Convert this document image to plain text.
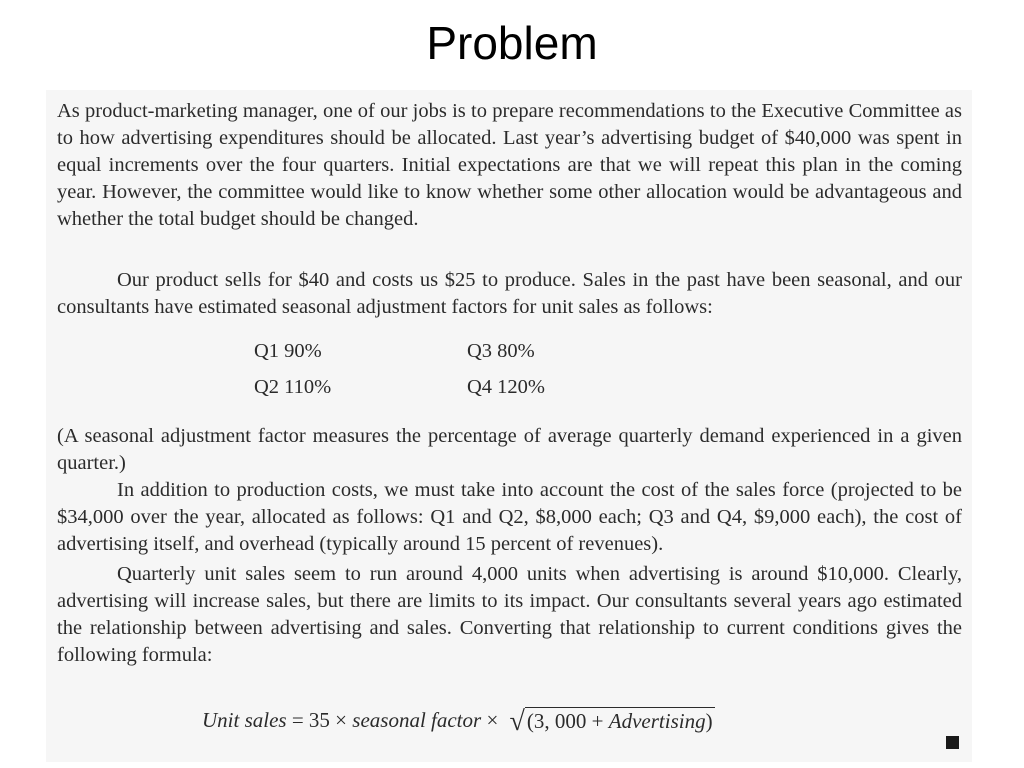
Problem

As product-marketing manager, one of our jobs is to prepare recommendations to the Executive Committee as to how advertising expenditures should be allocated. Last year’s advertising budget of $40,000 was spent in equal increments over the four quarters. Initial expectations are that we will repeat this plan in the coming year. However, the committee would like to know whether some other allocation would be advantageous and whether the total budget should be changed.

Our product sells for $40 and costs us $25 to produce. Sales in the past have been seasonal, and our consultants have estimated seasonal adjustment factors for unit sales as follows:

Q1 90%	Q3 80%
Q2 110%	Q4 120%

(A seasonal adjustment factor measures the percentage of average quarterly demand experienced in a given quarter.)

In addition to production costs, we must take into account the cost of the sales force (projected to be $34,000 over the year, allocated as follows: Q1 and Q2, $8,000 each; Q3 and Q4, $9,000 each), the cost of advertising itself, and overhead (typically around 15 percent of revenues).

Quarterly unit sales seem to run around 4,000 units when advertising is around $10,000. Clearly, advertising will increase sales, but there are limits to its impact. Our consultants several years ago estimated the relationship between advertising and sales. Converting that relationship to current conditions gives the following formula:

Unit sales = 35 × seasonal factor × √(3, 000 + Advertising)
